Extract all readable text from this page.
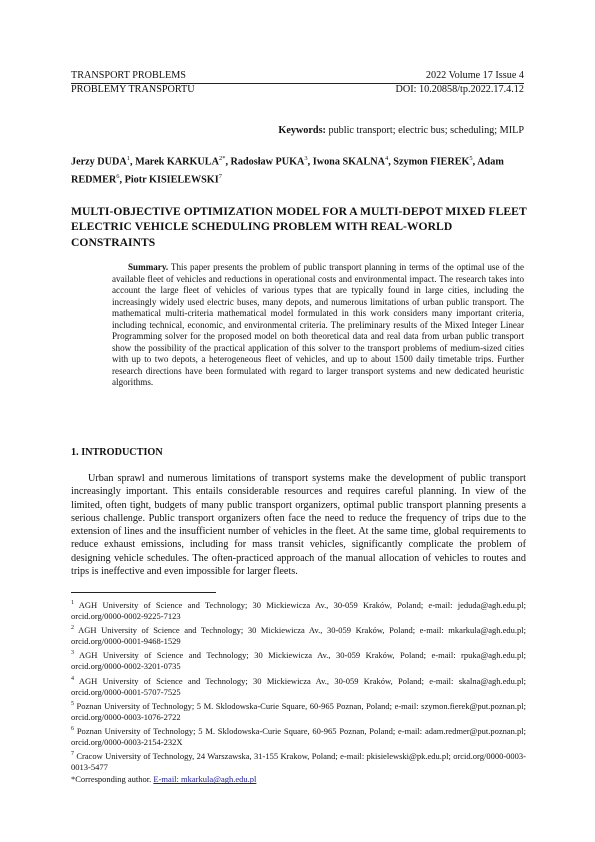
TRANSPORT PROBLEMS	2022 Volume 17 Issue 4
PROBLEMY TRANSPORTU	DOI: 10.20858/tp.2022.17.4.12
Keywords: public transport; electric bus; scheduling; MILP
Jerzy DUDA$^1$, Marek $KARKULA^{2*}$, Radosław PUKA$^3$, Iwona SKALNA$^4$, Szymon FIEREK$^5$, Adam REDMER$^6$, Piotr KISIELEWSKI$^7$
MULTI-OBJECTIVE OPTIMIZATION MODEL FOR A MULTI-DEPOT MIXED FLEET ELECTRIC VEHICLE SCHEDULING PROBLEM WITH REAL-WORLD CONSTRAINTS

Summary. This paper presents the problem of public transport planning in terms of the optimal use of the available fleet of vehicles and reductions in operational costs and environmental impact. The research takes into account the large fleet of vehicles of various types that are typically found in large cities, including the increasingly widely used electric buses, many depots, and numerous limitations of urban public transport. The mathematical multi-criteria mathematical model formulated in this work considers many important criteria, including technical, economic, and environmental criteria. The preliminary results of the Mixed Integer Linear Programming solver for the proposed model on both theoretical data and real data from urban public transport show the possibility of the practical application of this solver to the transport problems of medium-sized cities with up to two depots, a heterogeneous fleet of vehicles, and up to about 1500 daily timetable trips. Further research directions have been formulated with regard to larger transport systems and new dedicated heuristic algorithms.

1. INTRODUCTION

Urban sprawl and numerous limitations of transport systems make the development of public transport increasingly important. This entails considerable resources and requires careful planning. In view of the limited, often tight, budgets of many public transport organizers, optimal public transport planning presents a serious challenge. Public transport organizers often face the need to reduce the frequency of trips due to the extension of lines and the insufficient number of vehicles in the fleet. At the same time, global requirements to reduce exhaust emissions, including for mass transit vehicles, significantly complicate the problem of designing vehicle schedules. The often-practiced approach of the manual allocation of vehicles to routes and trips is ineffective and even impossible for larger fleets.

$^1$ AGH University of Science and Technology; 30 Mickiewicza Av., 30-059 Kraków, Poland; e-mail: jeduda@agh.edu.pl; orcid.org/0000-0002-9225-7123
$^2$ AGH University of Science and Technology; 30 Mickiewicza Av., 30-059 Kraków, Poland; e-mail: mkarkula@agh.edu.pl; orcid.org/0000-0001-9468-1529
$^3$ AGH University of Science and Technology; 30 Mickiewicza Av., 30-059 Kraków, Poland; e-mail: rpuka@agh.edu.pl; orcid.org/0000-0002-3201-0735
$^4$ AGH University of Science and Technology; 30 Mickiewicza Av., 30-059 Kraków, Poland; e-mail: skalna@agh.edu.pl; orcid.org/0000-0001-5707-7525
$^5$ Poznan University of Technology; 5 M. Sklodowska-Curie Square, 60-965 Poznan, Poland; e-mail: szymon.fierek@put.poznan.pl; orcid.org/0000-0003-1076-2722
$^6$ Poznan University of Technology; 5 M. Sklodowska-Curie Square, 60-965 Poznan, Poland; e-mail: adam.redmer@put.poznan.pl; orcid.org/0000-0003-2154-232X
$^7$ Cracow University of Technology, 24 Warszawska, 31-155 Krakow, Poland; e-mail: pkisielewski@pk.edu.pl; orcid.org/0000-0003-0013-5477
*Corresponding author. E-mail: mkarkula@agh.edu.pl
